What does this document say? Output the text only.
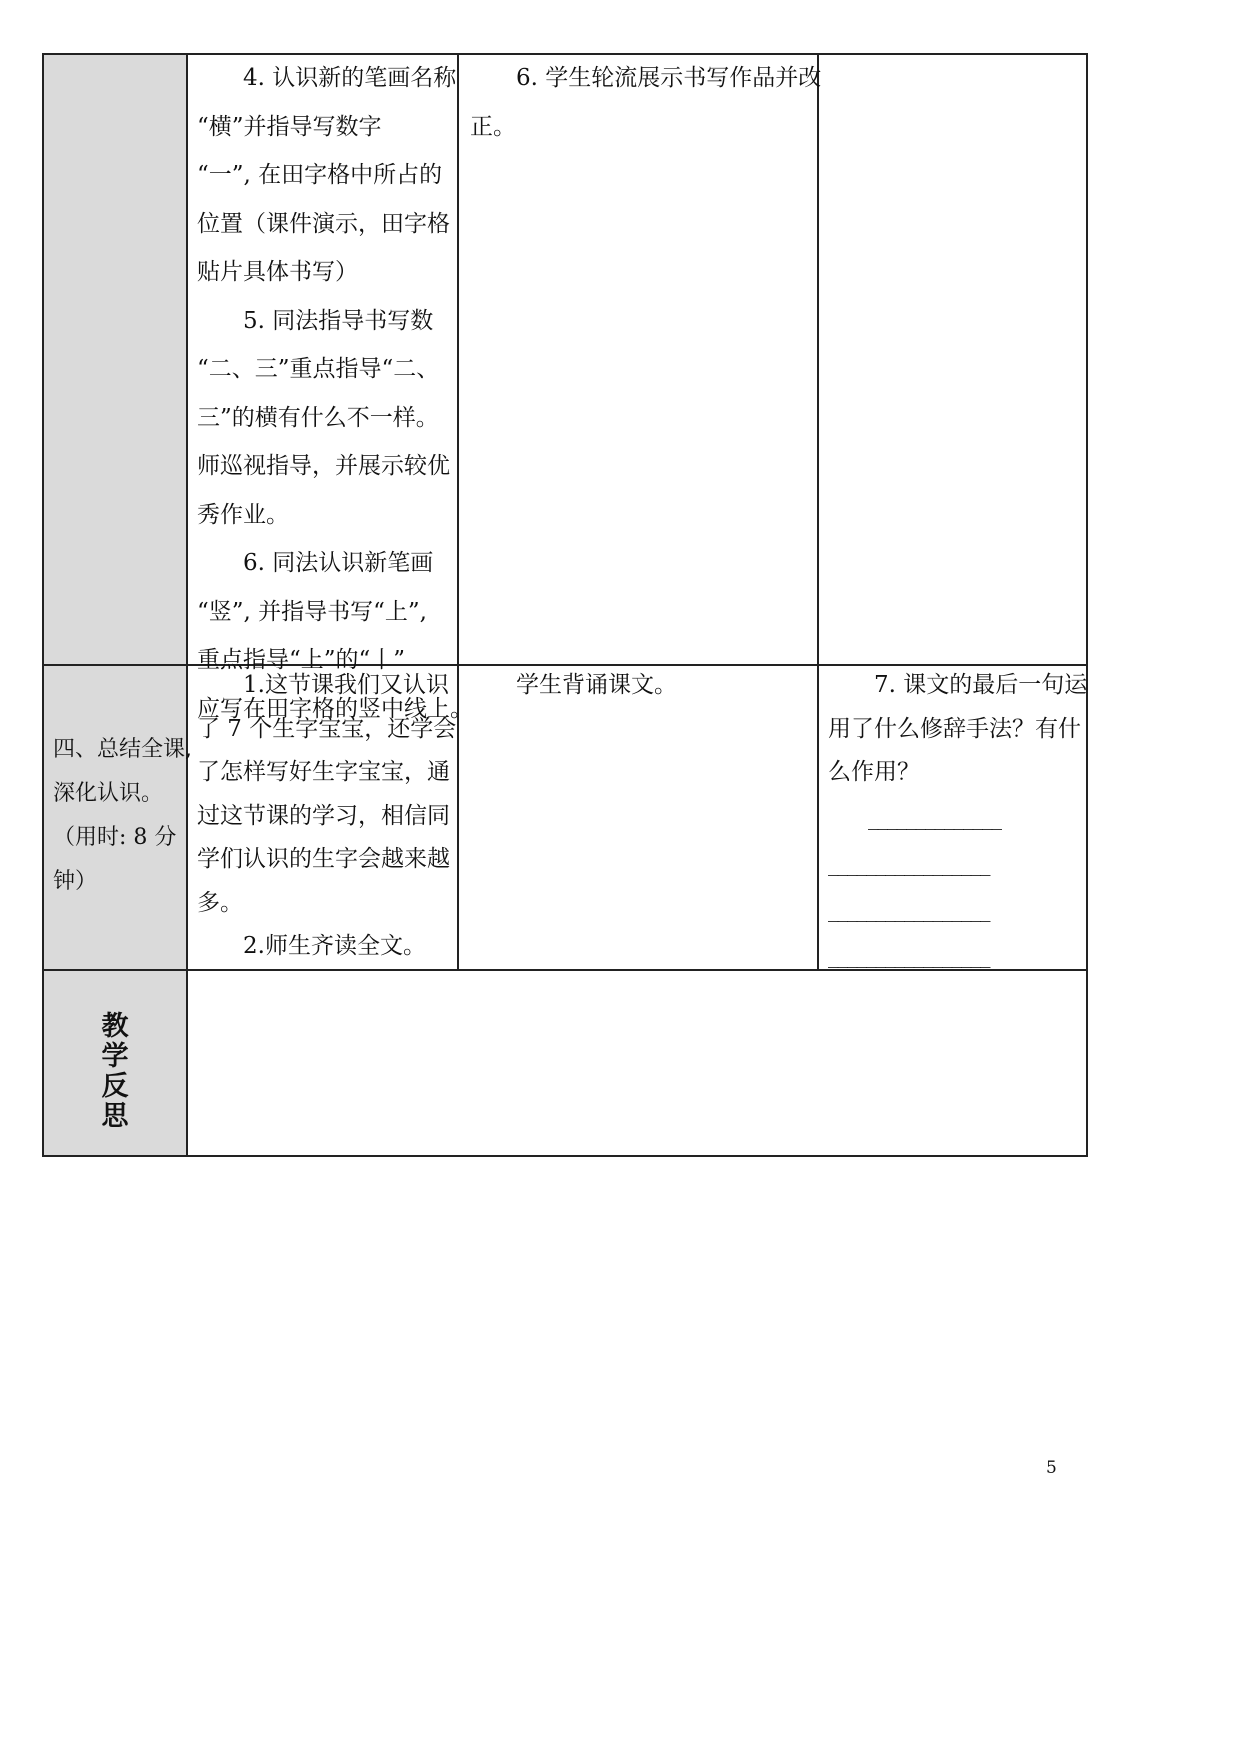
　　4. 认识新的笔画名称
“横”并指导写数字
“一”, 在田字格中所占的
位置（课件演示，田字格
贴片具体书写）
　　5. 同法指导书写数
“二、三”重点指导“二、
三”的横有什么不一样。
师巡视指导，并展示较优
秀作业。
　　6. 同法认识新笔画
“竖”, 并指导书写“上”,
重点指导“上”的“丨”
应写在田字格的竖中线上。
　　6. 学生轮流展示书写作品并改
正。
四、总结全课,
深化认识。
（用时: 8 分
钟）
　　1.这节课我们又认识
了 7 个生字宝宝，还学会
了怎样写好生字宝宝，通
过这节课的学习，相信同
学们认识的生字会越来越
多。
　　2.师生齐读全文。
　　学生背诵课文。	　　7. 课文的最后一句运
用了什么修辞手法？有什
么作用？
　　______________
_________________
_________________
_________________
教
学
反
思
5
